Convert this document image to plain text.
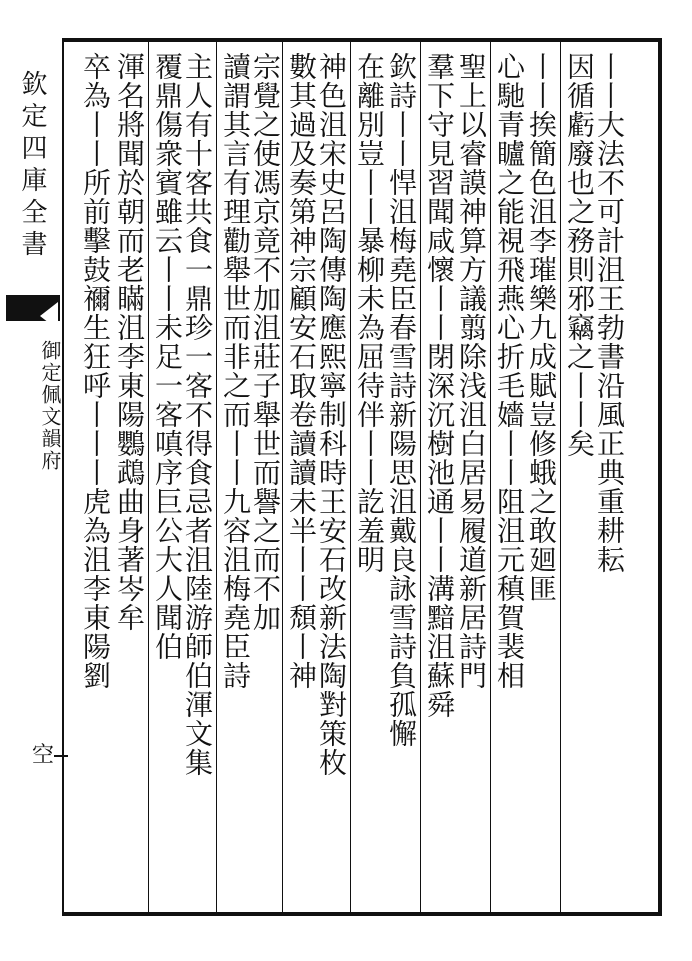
欽定四庫全書
御定佩文韻府
空
丨丨大法不可計沮王勃書沿風正典重耕耘
因循虧廢也之務則邪竊之丨丨矣
丨丨挨簡色沮李璀樂九成賦豈修蛾之敢廻匪
心馳青矑之能視飛燕心折毛嬙丨丨阻沮元稹賀裴相
聖上以睿謨神算方議翦除浅沮白居易履道新居詩門
羣下守見習聞咸懷丨丨閉深沉樹池通丨丨溝黯沮蘇舜
欽詩丨丨悍沮梅堯臣春雪詩新陽思沮戴良詠雪詩負孤懈
在離別豈丨丨暴柳未為屈待伴丨丨訖羞明
神色沮宋史呂陶傳陶應熙寧制科時王安石改新法陶對策枚
數其過及奏第神宗顧安石取卷讀讀未半丨丨頹丨神
宗覺之使馮京竟不加沮莊子舉世而譽之而不加
讀謂其言有理勸舉世而非之而丨丨九容沮梅堯臣詩
主人有十客共食一鼎珍一客不得食忌者沮陸游師伯渾文集
覆鼎傷衆賓雖云丨丨未足一客嗔序巨公大人聞伯
渾名將聞於朝而老瞞沮李東陽鸚鵡曲身著岑牟
卒為丨丨所前擊鼓禰生狂呼丨丨丨虎為沮李東陽劉
